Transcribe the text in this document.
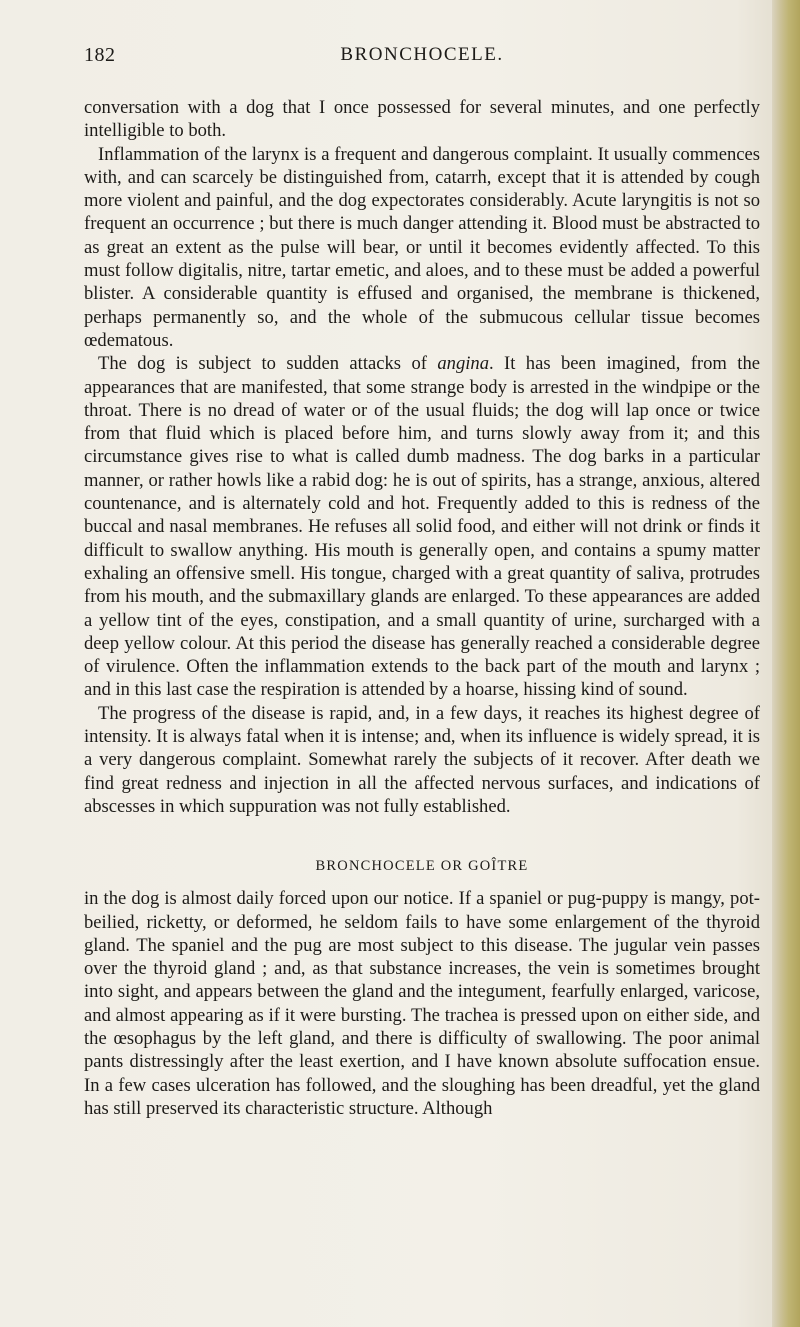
182	BRONCHOCELE.

conversation with a dog that I once possessed for several minutes, and one perfectly intelligible to both.

Inflammation of the larynx is a frequent and dangerous complaint. It usually commences with, and can scarcely be distinguished from, catarrh, except that it is attended by cough more violent and painful, and the dog expectorates considerably. Acute laryngitis is not so frequent an occurrence ; but there is much danger attending it. Blood must be abstracted to as great an extent as the pulse will bear, or until it becomes evidently affected. To this must follow digitalis, nitre, tartar emetic, and aloes, and to these must be added a powerful blister. A considerable quantity is effused and organised, the membrane is thickened, perhaps permanently so, and the whole of the submucous cellular tissue becomes œdematous.

The dog is subject to sudden attacks of angina. It has been imagined, from the appearances that are manifested, that some strange body is arrested in the windpipe or the throat. There is no dread of water or of the usual fluids; the dog will lap once or twice from that fluid which is placed before him, and turns slowly away from it; and this circumstance gives rise to what is called dumb madness. The dog barks in a particular manner, or rather howls like a rabid dog: he is out of spirits, has a strange, anxious, altered countenance, and is alternately cold and hot. Frequently added to this is redness of the buccal and nasal membranes. He refuses all solid food, and either will not drink or finds it difficult to swallow anything. His mouth is generally open, and contains a spumy matter exhaling an offensive smell. His tongue, charged with a great quantity of saliva, protrudes from his mouth, and the submaxillary glands are enlarged. To these appearances are added a yellow tint of the eyes, constipation, and a small quantity of urine, surcharged with a deep yellow colour. At this period the disease has generally reached a considerable degree of virulence. Often the inflammation extends to the back part of the mouth and larynx ; and in this last case the respiration is attended by a hoarse, hissing kind of sound.

The progress of the disease is rapid, and, in a few days, it reaches its highest degree of intensity. It is always fatal when it is intense; and, when its influence is widely spread, it is a very dangerous complaint. Somewhat rarely the subjects of it recover. After death we find great redness and injection in all the affected nervous surfaces, and indications of abscesses in which suppuration was not fully established.

BRONCHOCELE OR GOÎTRE

in the dog is almost daily forced upon our notice. If a spaniel or pug-puppy is mangy, pot-beilied, ricketty, or deformed, he seldom fails to have some enlargement of the thyroid gland. The spaniel and the pug are most subject to this disease. The jugular vein passes over the thyroid gland ; and, as that substance increases, the vein is sometimes brought into sight, and appears between the gland and the integument, fearfully enlarged, varicose, and almost appearing as if it were bursting. The trachea is pressed upon on either side, and the œsophagus by the left gland, and there is difficulty of swallowing. The poor animal pants distressingly after the least exertion, and I have known absolute suffocation ensue. In a few cases ulceration has followed, and the sloughing has been dreadful, yet the gland has still preserved its characteristic structure. Although
